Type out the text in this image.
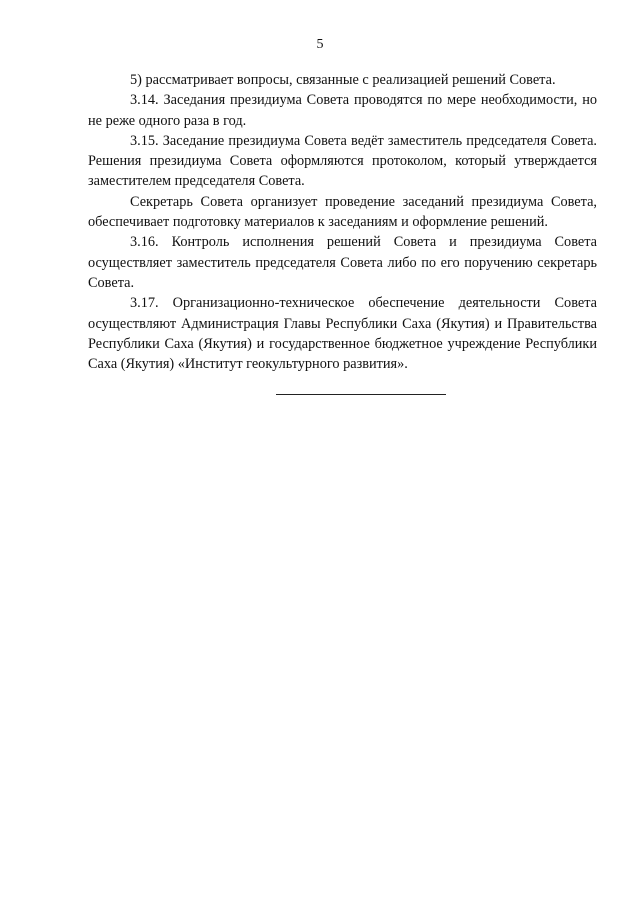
5

5) рассматривает вопросы, связанные с реализацией решений Совета.

3.14. Заседания президиума Совета проводятся по мере необходимости, но не реже одного раза в год.

3.15. Заседание президиума Совета ведёт заместитель председателя Совета. Решения президиума Совета оформляются протоколом, который утверждается заместителем председателя Совета.

Секретарь Совета организует проведение заседаний президиума Совета, обеспечивает подготовку материалов к заседаниям и оформление решений.

3.16. Контроль исполнения решений Совета и президиума Совета осуществляет заместитель председателя Совета либо по его поручению секретарь Совета.

3.17. Организационно-техническое обеспечение деятельности Совета осуществляют Администрация Главы Республики Саха (Якутия) и Правительства Республики Саха (Якутия) и государственное бюджетное учреждение Республики Саха (Якутия) «Институт геокультурного развития».
